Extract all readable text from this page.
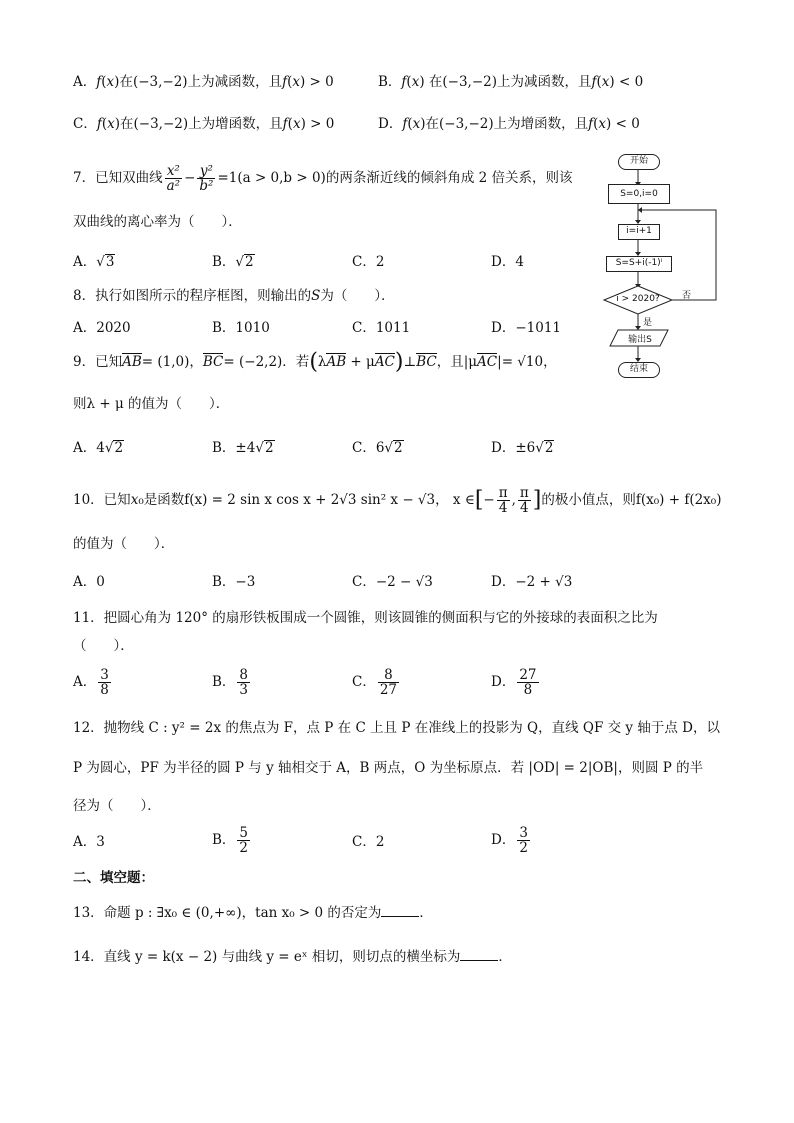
A．f(x)在(−3,−2)上为减函数，且f(x) > 0	B．f(x) 在(−3,−2)上为减函数，且f(x) < 0
C．f(x)在(−3,−2)上为增函数，且f(x) > 0	D．f(x)在(−3,−2)上为增函数，且f(x) < 0
7．已知双曲线 $\frac{\text{x²}}{\text{a²}} - \frac{\text{y²}}{\text{b²}} =1(a > 0,b > 0)$的两条渐近线的倾斜角成 2 倍关系，则该
双曲线的离心率为（　　）．
A．√3	B．√2	C．2	D．4
8．执行如图所示的程序框图，则输出的S为（　　）．
A．2020	B．1010	C．1011	D．−1011
9．已知AB= (1,0)，BC= (−2,2)．若(λAB + μAC)⊥BC，且|μAC|= √10，
则λ + μ 的值为（　　）．
A．4√2	B．±4√2	C．6√2	D．±6√2
10．已知x₀是函数f(x) = 2 sin x cos x + 2√3 sin² x − √3， x ∈[− $\frac{\pi}{4}$ , $\frac{\pi}{4}$ ]的极小值点，则f(x₀) + f(2x₀)
的值为（　　）．
A．0	B．−3	C．−2 − √3	D．−2 + √3
11．把圆心角为 120° 的扇形铁板围成一个圆锥，则该圆锥的侧面积与它的外接球的表面积之比为
（　　）．
A． $\frac{3}{8}$	B． $\frac{8}{3}$	C． $\frac{8}{27}$	D． $\frac{27}{8}$
12．抛物线 C : y² = 2x 的焦点为 F，点 P 在 C 上且 P 在准线上的投影为 Q，直线 QF 交 y 轴于点 D，以
P 为圆心，PF 为半径的圆 P 与 y 轴相交于 A，B 两点，O 为坐标原点．若 |OD| = 2|OB|，则圆 P 的半
径为（　　）．
A．3	B． $\frac{5}{2}$	C．2	D． $\frac{3}{2}$
二、填空题：
13．命题 p : ∃x₀ ∈ (0,+∞)，tan x₀ > 0 的否定为	．
14．直线 y = k(x − 2) 与曲线 y = eˣ 相切，则切点的横坐标为	．
开始
S=0,i=0
i=i+1
S=S+i(-1)ⁱ
i > 2020? 否
是
输出S
结束
